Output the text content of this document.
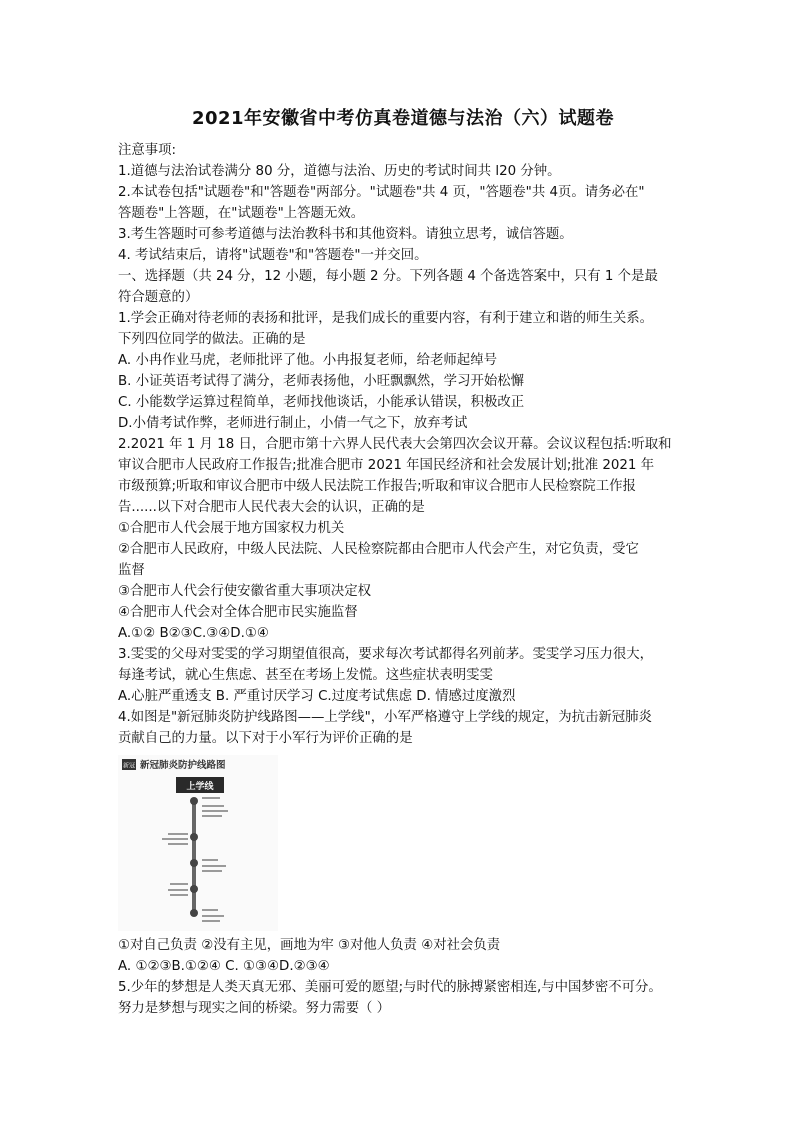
2021年安徽省中考仿真卷道德与法治（六）试题卷
注意事项:
1.道德与法治试卷满分 80 分，道德与法治、历史的考试时间共 l20 分钟。
2.本试卷包括"试题卷"和"答题卷"两部分。"试题卷"共 4 页，"答题卷"共 4页。请务必在"
答题卷"上答题，在"试题卷"上答题无效。
3.考生答题时可参考道德与法治教科书和其他资料。请独立思考，诚信答题。
4. 考试结束后，请将"试题卷"和"答题卷"一并交回。
一、选择题（共 24 分，12 小题，每小题 2 分。下列各题 4 个备选答案中，只有 1 个是最
符合题意的）
1.学会正确对待老师的表扬和批评，是我们成长的重要内容，有利于建立和谐的师生关系。
下列四位同学的做法。正确的是
A. 小冉作业马虎，老师批评了他。小冉报复老师，给老师起绰号
B. 小证英语考试得了满分，老师表扬他，小旺飘飘然，学习开始松懈
C. 小能数学运算过程简单，老师找他谈话，小能承认错误，积极改正
D.小倩考试作弊，老师进行制止，小倩一气之下，放弃考试
2.2021 年 1 月 18 日，合肥市第十六界人民代表大会第四次会议开幕。会议议程包括:听取和
审议合肥市人民政府工作报告;批准合肥市 2021 年国民经济和社会发展计划;批准 2021 年
市级预算;听取和审议合肥市中级人民法院工作报告;听取和审议合肥市人民检察院工作报
告......以下对合肥市人民代表大会的认识，正确的是
①合肥市人代会展于地方国家权力机关
②合肥市人民政府，中级人民法院、人民检察院都由合肥市人代会产生，对它负责，受它
监督
③合肥市人代会行使安徽省重大事项决定权
④合肥市人代会对全体合肥市民实施监督
A.①② B②③C.③④D.①④
3.雯雯的父母对雯雯的学习期望值很高，要求每次考试都得名列前茅。雯雯学习压力很大，
每逢考试，就心生焦虑、甚至在考场上发慌。这些症状表明雯雯
A.心脏严重透支 B. 严重讨厌学习 C.过度考试焦虑 D. 情感过度激烈
4.如图是"新冠肺炎防护线路图——上学线"，小军严格遵守上学线的规定，为抗击新冠肺炎
贡献自己的力量。以下对于小军行为评价正确的是
新冠 新冠肺炎防护线路图
上学线
①对自己负责 ②没有主见，画地为牢 ③对他人负责 ④对社会负责
A. ①②③B.①②④ C. ①③④D.②③④
5.少年的梦想是人类天真无邪、美丽可爱的愿望;与时代的脉搏紧密相连,与中国梦密不可分。
努力是梦想与现实之间的桥梁。努力需要（ ）
